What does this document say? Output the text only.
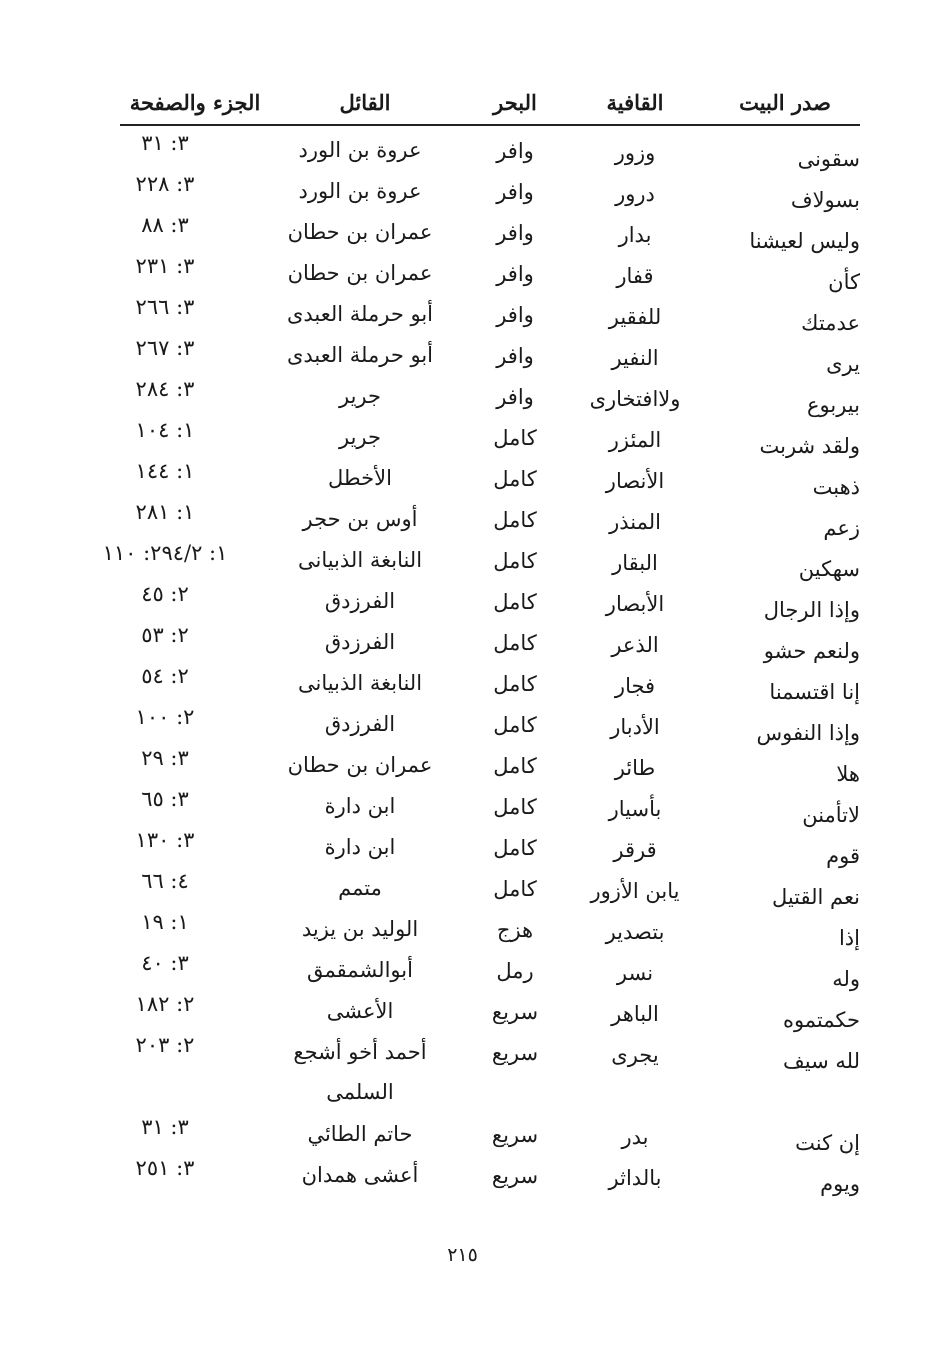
صدر البيت
القافية
البحر
القائل
الجزء والصفحة
سقونى
وزور
وافر
عروة بن الورد
٣: ٣١
بسولاف
درور
وافر
عروة بن الورد
٣: ٢٢٨
وليس لعيشنا
بدار
وافر
عمران بن حطان
٣: ٨٨
كأن
قفار
وافر
عمران بن حطان
٣: ٢٣١
عدمتك
للفقير
وافر
أبو حرملة العبدى
٣: ٢٦٦
يرى
النفير
وافر
أبو حرملة العبدى
٣: ٢٦٧
بيربوع
ولاافتخارى
وافر
جرير
٣: ٢٨٤
ولقد شربت
المئزر
كامل
جرير
١: ١٠٤
ذهبت
الأنصار
كامل
الأخطل
١: ١٤٤
زعم
المنذر
كامل
أوس بن حجر
١: ٢٨١
سهكين
البقار
كامل
النابغة الذبيانى
١: ٢٩٤/٢: ١١٠
وإذا الرجال
الأبصار
كامل
الفرزدق
٢: ٤٥
ولنعم حشو
الذعر
كامل
الفرزدق
٢: ٥٣
إنا اقتسمنا
فجار
كامل
النابغة الذبيانى
٢: ٥٤
وإذا النفوس
الأدبار
كامل
الفرزدق
٢: ١٠٠
هلا
طائر
كامل
عمران بن حطان
٣: ٢٩
لاتأمنن
بأسيار
كامل
ابن دارة
٣: ٦٥
قوم
قرقر
كامل
ابن دارة
٣: ١٣٠
نعم القتيل
يابن الأزور
كامل
متمم
٤: ٦٦
إذا
بتصدير
هزج
الوليد بن يزيد
١: ١٩
وله
نسر
رمل
أبوالشمقمق
٣: ٤٠
حكمتموه
الباهر
سريع
الأعشى
٢: ١٨٢
لله سيف
يجرى
سريع
أحمد أخو أشجع السلمى
٢: ٢٠٣
إن كنت
بدر
سريع
حاتم الطائي
٣: ٣١
ويوم
بالداثر
سريع
أعشى همدان
٣: ٢٥١
٢١٥
